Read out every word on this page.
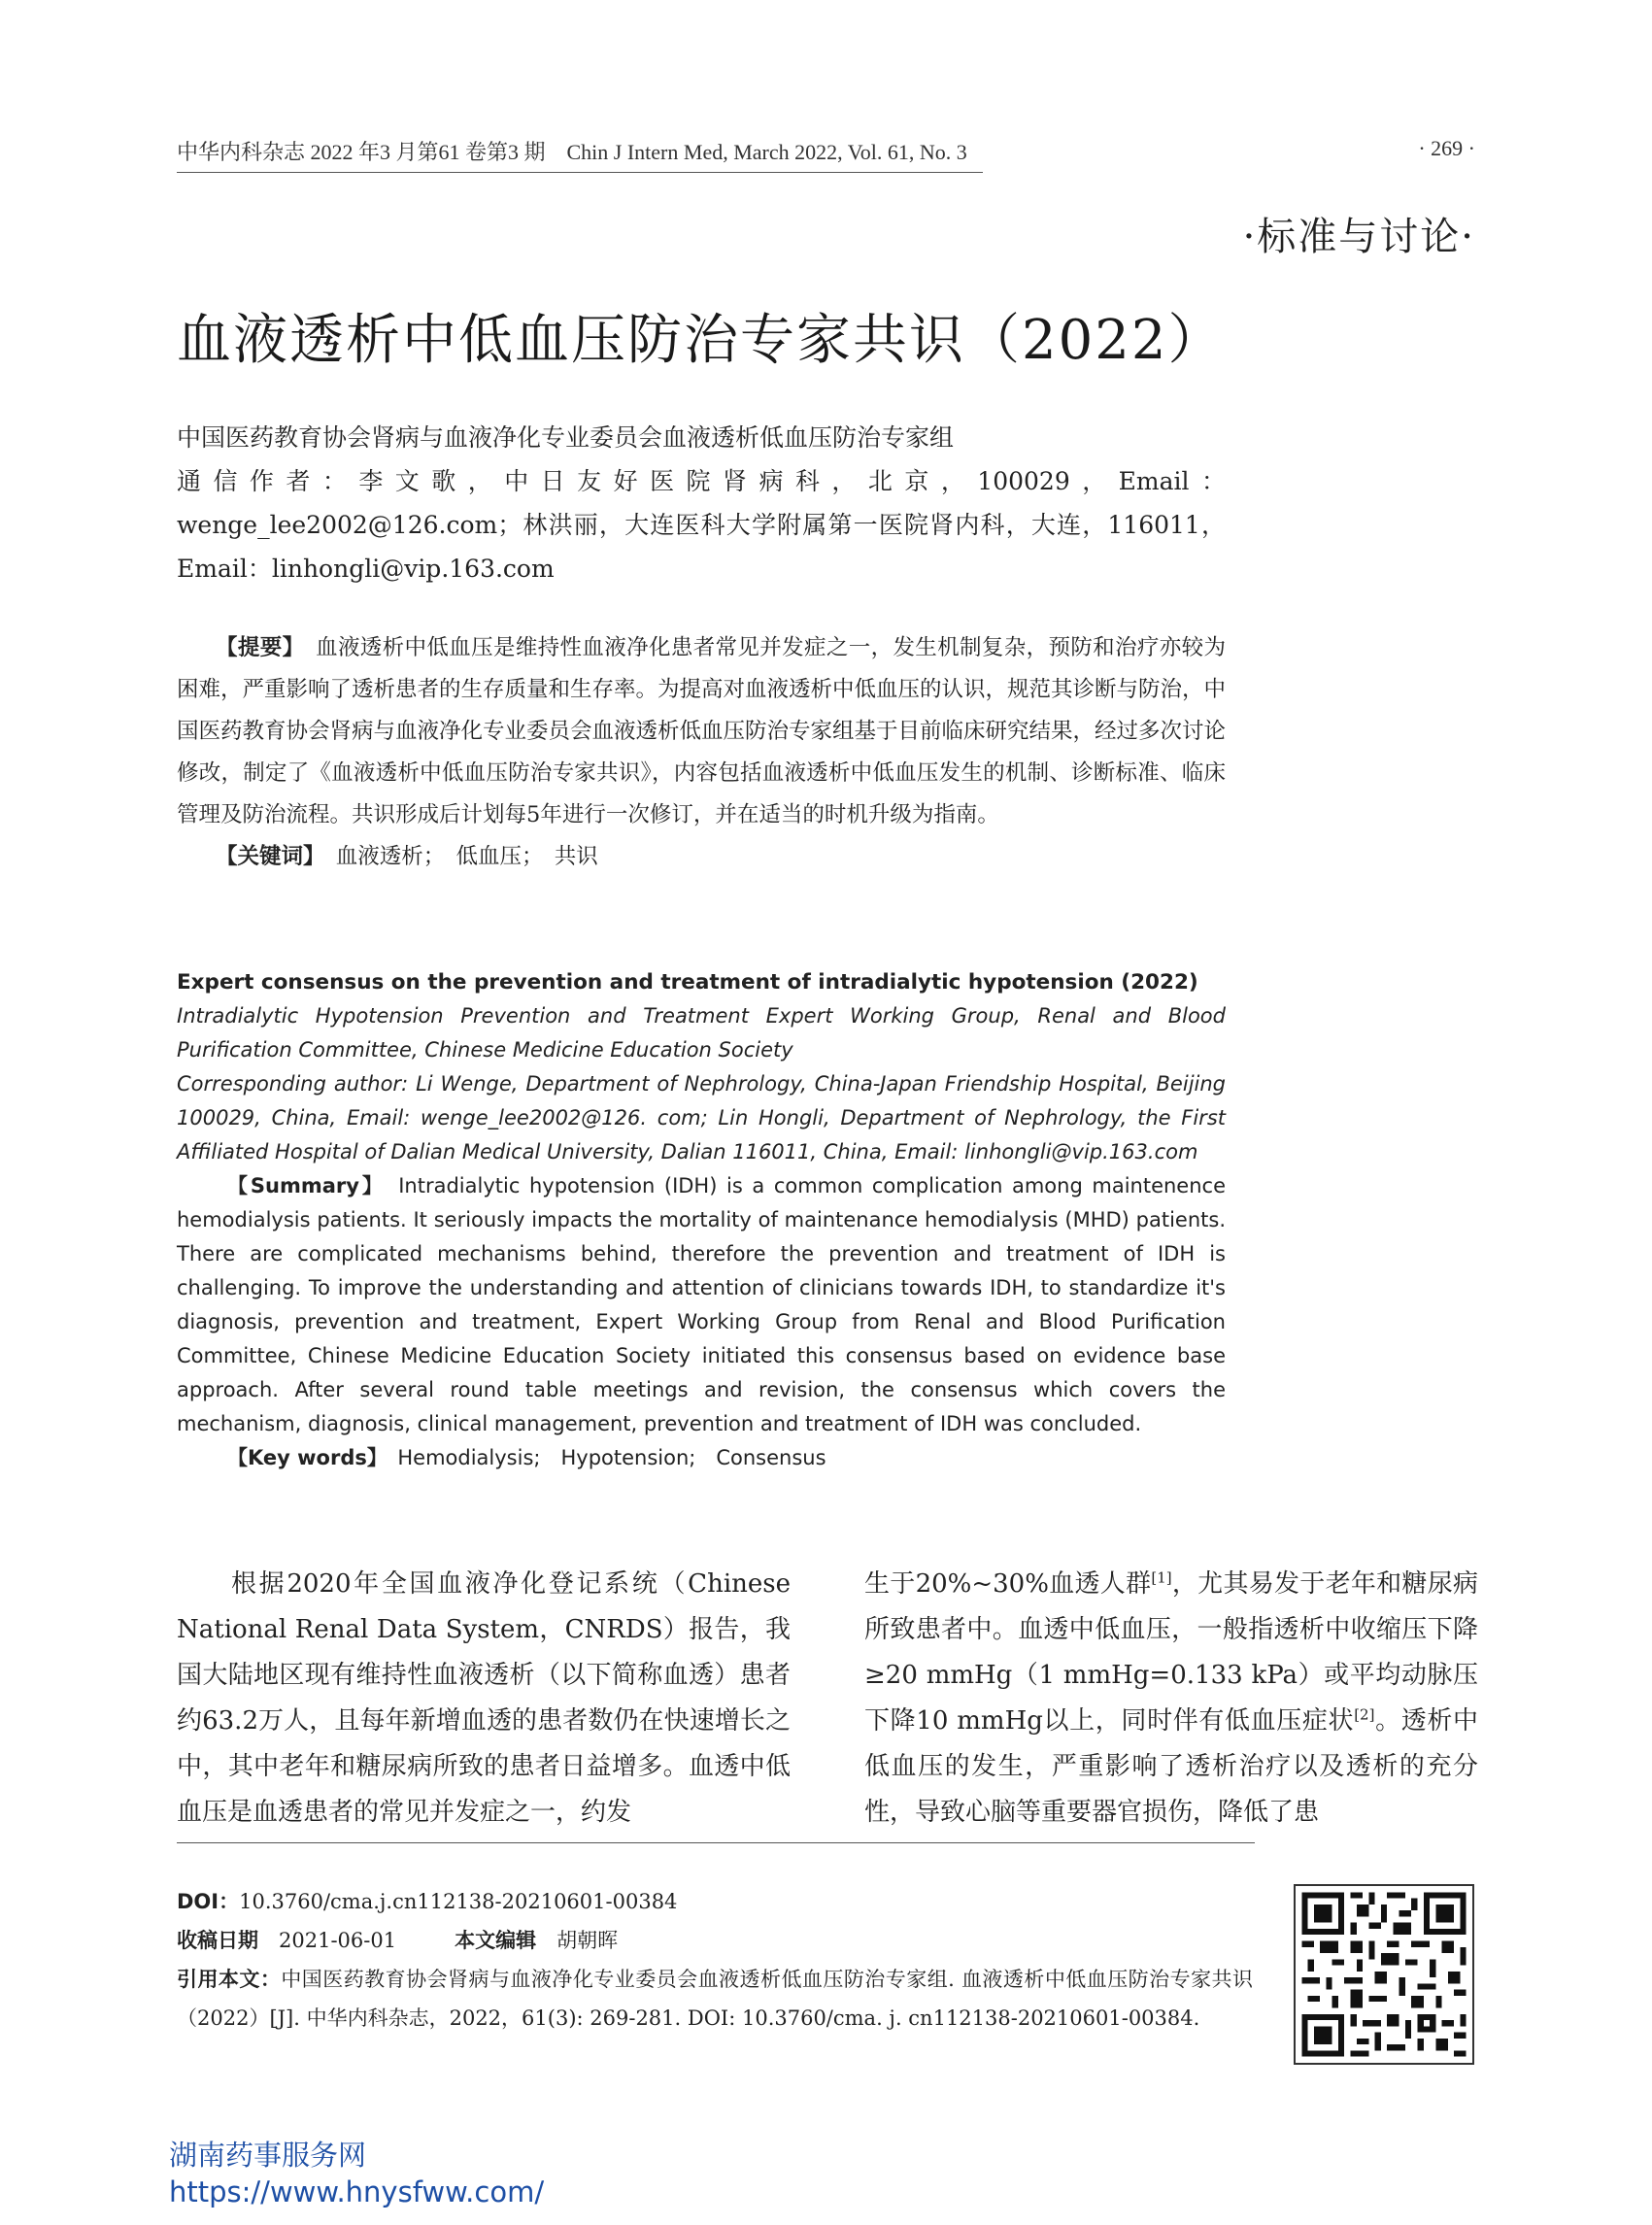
中华内科杂志 2022 年3 月第61 卷第3 期　Chin J Intern Med, March 2022, Vol. 61, No. 3	· 269 ·
·标准与讨论·
血液透析中低血压防治专家共识（2022）

中国医药教育协会肾病与血液净化专业委员会血液透析低血压防治专家组

通信作者：李文歌，中日友好医院肾病科，北京，100029，Email：wenge_lee2002@126.com；林洪丽，大连医科大学附属第一医院肾内科，大连，116011，Email：linhongli@vip.163.com

【提要】　 血液透析中低血压是维持性血液净化患者常见并发症之一，发生机制复杂，预防和治疗亦较为困难，严重影响了透析患者的生存质量和生存率。为提高对血液透析中低血压的认识，规范其诊断与防治，中国医药教育协会肾病与血液净化专业委员会血液透析低血压防治专家组基于目前临床研究结果，经过多次讨论修改，制定了《血液透析中低血压防治专家共识》，内容包括血液透析中低血压发生的机制、诊断标准、临床管理及防治流程。共识形成后计划每5年进行一次修订，并在适当的时机升级为指南。

【关键词】　 血液透析；　低血压；　共识

Expert consensus on the prevention and treatment of intradialytic hypotension (2022)

Intradialytic Hypotension Prevention and Treatment Expert Working Group, Renal and Blood Purification Committee, Chinese Medicine Education Society

Corresponding author: Li Wenge, Department of Nephrology, China-Japan Friendship Hospital, Beijing 100029, China, Email: wenge_lee2002@126. com; Lin Hongli, Department of Nephrology, the First Affiliated Hospital of Dalian Medical University, Dalian 116011, China, Email: linhongli@vip.163.com

【Summary】　 Intradialytic hypotension (IDH) is a common complication among maintenence hemodialysis patients. It seriously impacts the mortality of maintenance hemodialysis (MHD) patients. There are complicated mechanisms behind, therefore the prevention and treatment of IDH is challenging. To improve the understanding and attention of clinicians towards IDH, to standardize it's diagnosis, prevention and treatment, Expert Working Group from Renal and Blood Purification Committee, Chinese Medicine Education Society initiated this consensus based on evidence base approach. After several round table meetings and revision, the consensus which covers the mechanism, diagnosis, clinical management, prevention and treatment of IDH was concluded.

【Key words】　 Hemodialysis;　Hypotension;　Consensus

根据2020年全国血液净化登记系统（Chinese National Renal Data System，CNRDS）报告，我国大陆地区现有维持性血液透析（以下简称血透）患者约63.2万人，且每年新增血透的患者数仍在快速增长之中，其中老年和糖尿病所致的患者日益增多。血透中低血压是血透患者的常见并发症之一，约发

生于20%~30%血透人群[1]，尤其易发于老年和糖尿病所致患者中。血透中低血压，一般指透析中收缩压下降≥20 mmHg（1 mmHg=0.133 kPa）或平均动脉压下降10 mmHg以上，同时伴有低血压症状[2]。透析中低血压的发生，严重影响了透析治疗以及透析的充分性，导致心脑等重要器官损伤，降低了患

DOI：10.3760/cma.j.cn112138-20210601-00384

收稿日期　 2021-06-01	本文编辑　 胡朝晖

引用本文：中国医药教育协会肾病与血液净化专业委员会血液透析低血压防治专家组. 血液透析中低血压防治专家共识（2022）[J]. 中华内科杂志，2022，61(3): 269-281. DOI: 10.3760/cma. j. cn112138-20210601-00384.

湖南药事服务网
https://www.hnysfww.com/
